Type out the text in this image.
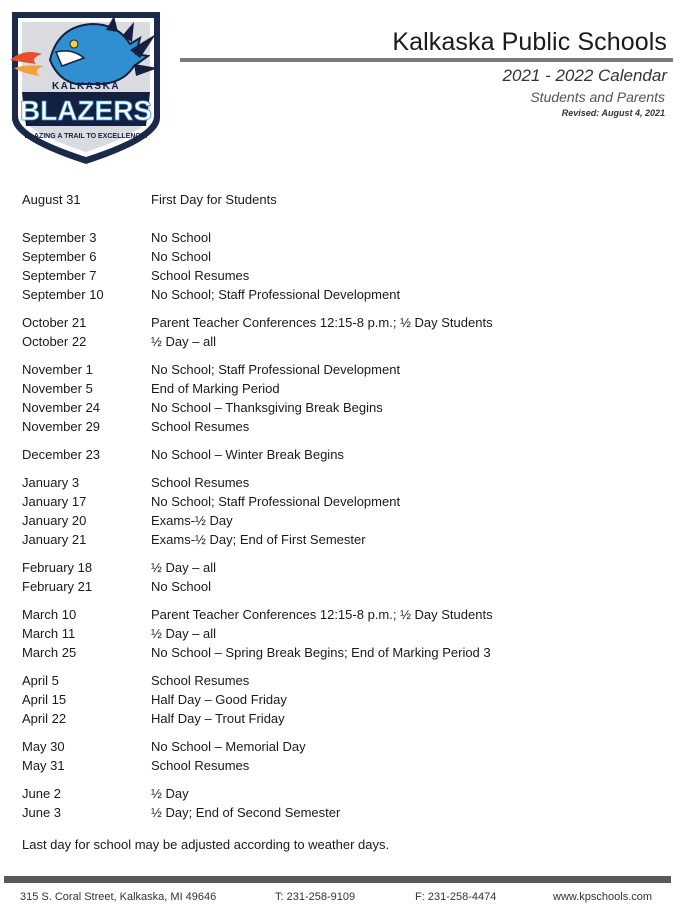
KALKASKA
BLAZERS
BLAZING A TRAIL TO EXCELLENCE!
Kalkaska Public Schools
2021 - 2022 Calendar
Students and Parents
Revised: August 4, 2021
August 31	First Day for Students
September 3	No School
September 6	No School
September 7	School Resumes
September 10	No School; Staff Professional Development
October 21	Parent Teacher Conferences 12:15-8 p.m.; ½ Day Students
October 22	½ Day – all
November 1	No School; Staff Professional Development
November 5	End of Marking Period
November 24	No School – Thanksgiving Break Begins
November 29	School Resumes
December 23	No School – Winter Break Begins
January 3	School Resumes
January 17	No School; Staff Professional Development
January 20	Exams-½ Day
January 21	Exams-½ Day; End of First Semester
February 18	½ Day – all
February 21	No School
March 10	Parent Teacher Conferences 12:15-8 p.m.; ½ Day Students
March 11	½ Day – all
March 25	No School – Spring Break Begins; End of Marking Period 3
April 5	School Resumes
April 15	Half Day – Good Friday
April 22	Half Day – Trout Friday
May 30	No School – Memorial Day
May 31	School Resumes
June 2	½ Day
June 3	½ Day; End of Second Semester
Last day for school may be adjusted according to weather days.
315 S. Coral Street, Kalkaska, MI 49646	T: 231-258-9109	F: 231-258-4474	www.kpschools.com
